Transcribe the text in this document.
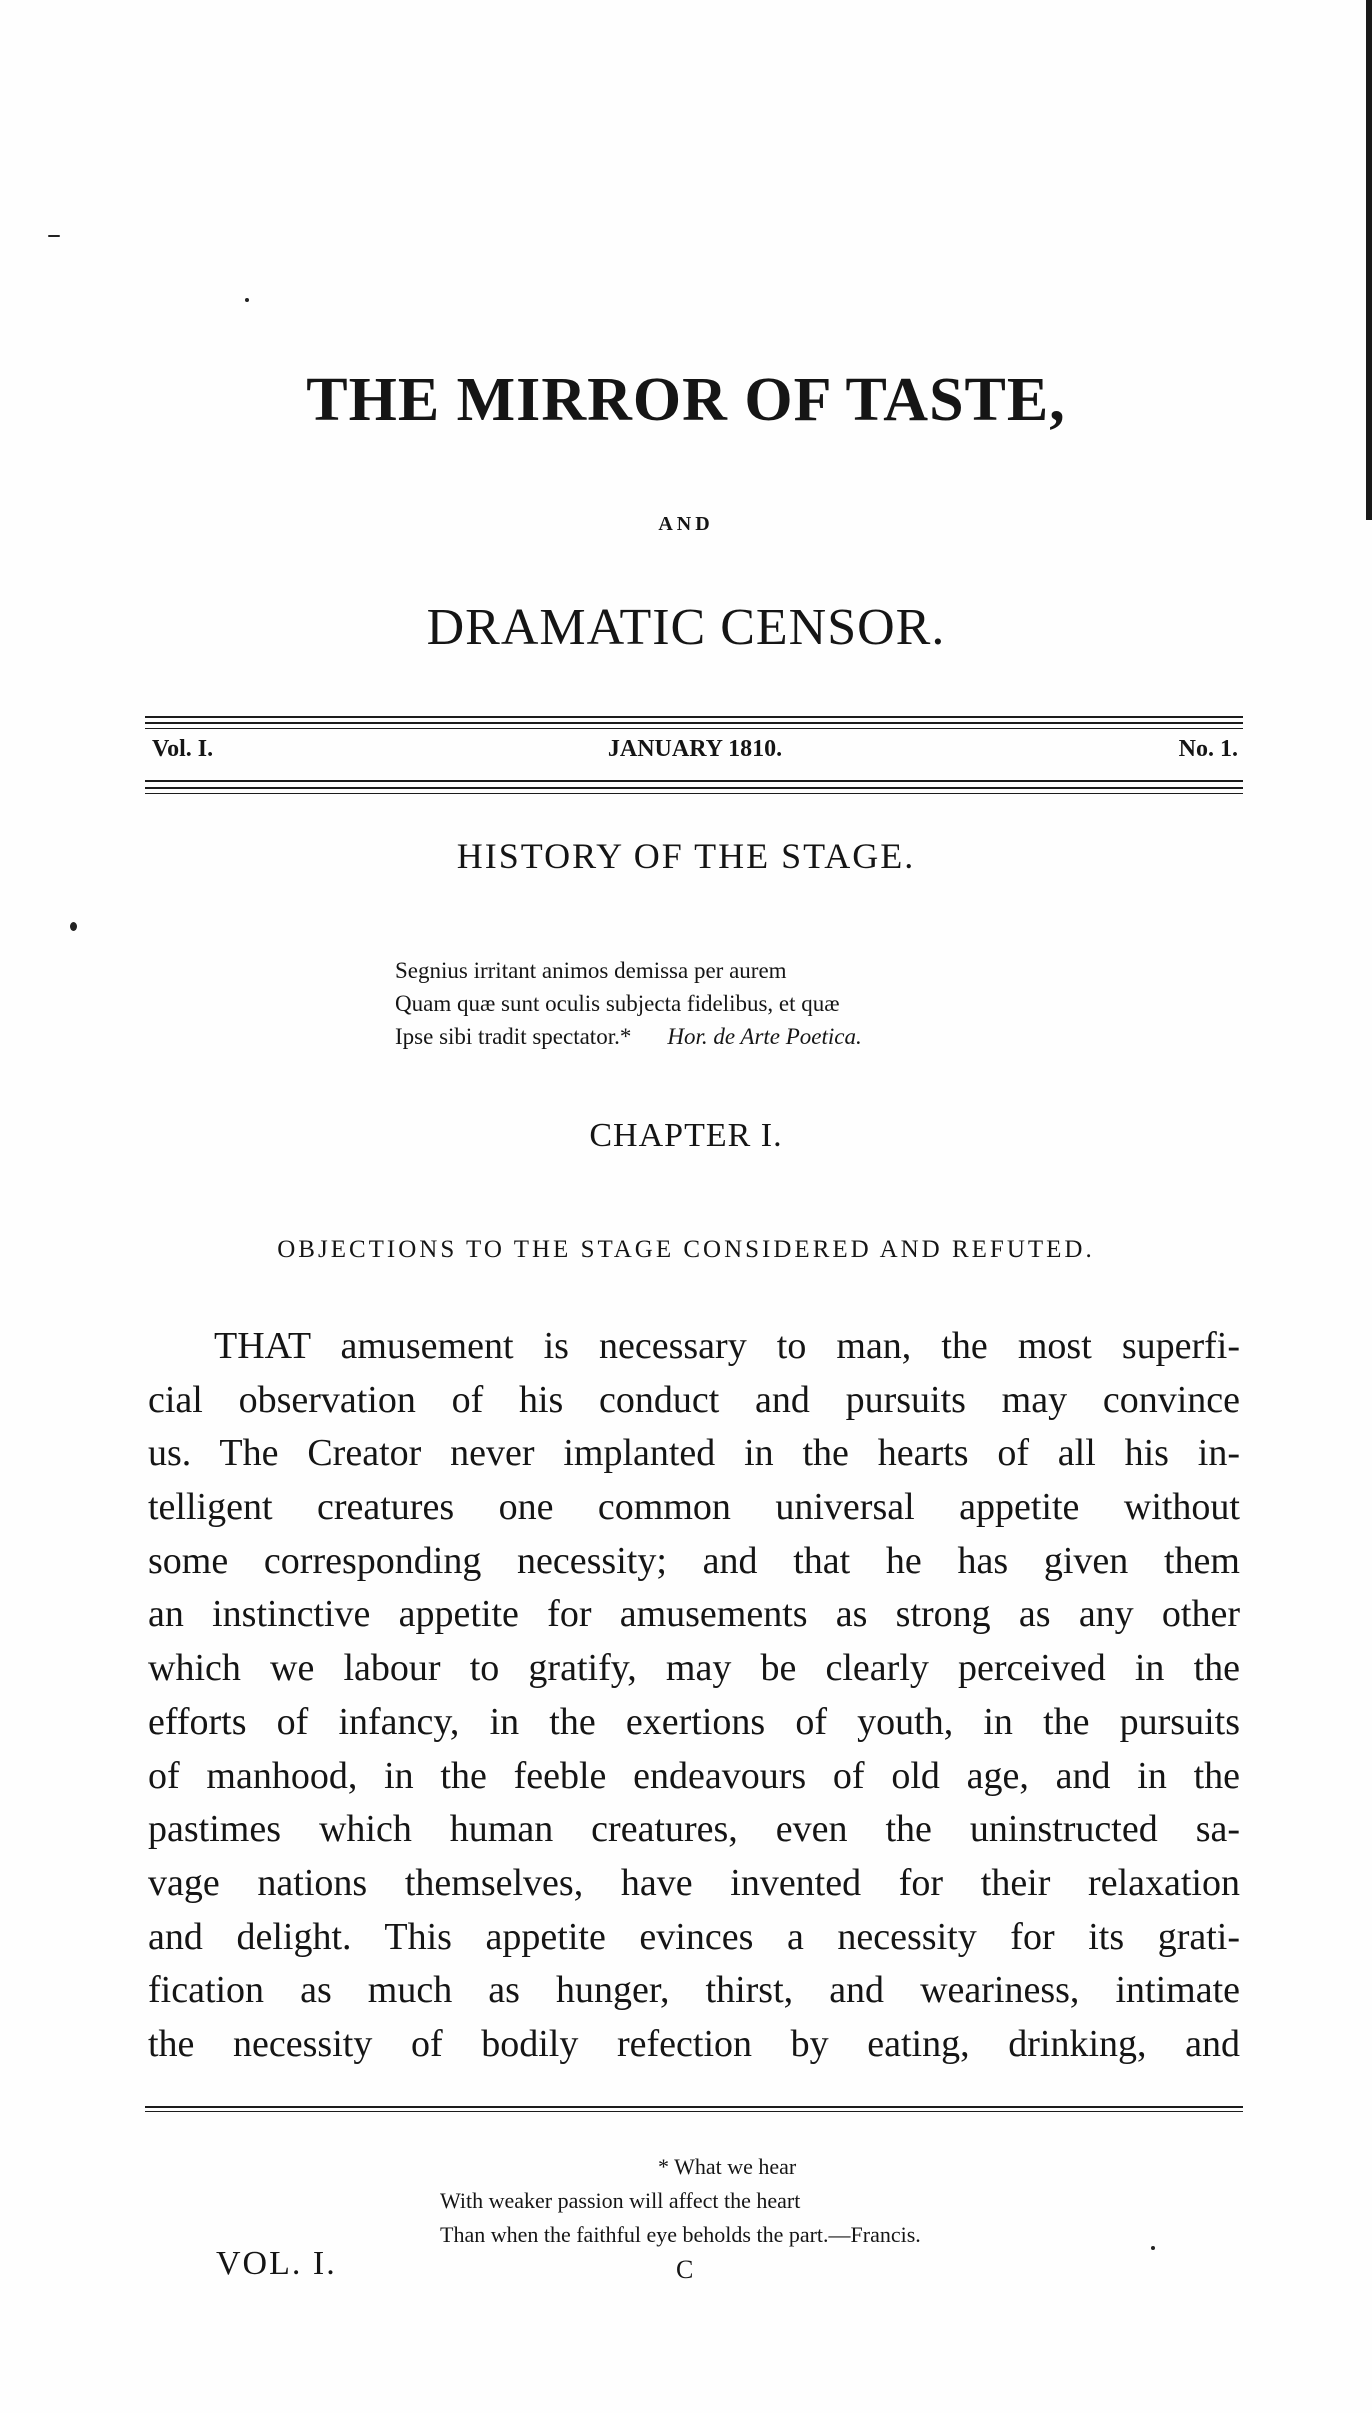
THE MIRROR OF TASTE,
AND
DRAMATIC CENSOR.
Vol. I.	JANUARY 1810.	No. 1.
HISTORY OF THE STAGE.
Segnius irritant animos demissa per aurem
Quam quæ sunt oculis subjecta fidelibus, et quæ
Ipse sibi tradit spectator.* Hor. de Arte Poetica.
CHAPTER I.
OBJECTIONS TO THE STAGE CONSIDERED AND REFUTED.
THAT amusement is necessary to man, the most superfi-
cial observation of his conduct and pursuits may convince
us. The Creator never implanted in the hearts of all his in-
telligent creatures one common universal appetite without
some corresponding necessity; and that he has given them
an instinctive appetite for amusements as strong as any other
which we labour to gratify, may be clearly perceived in the
efforts of infancy, in the exertions of youth, in the pursuits
of manhood, in the feeble endeavours of old age, and in the
pastimes which human creatures, even the uninstructed sa-
vage nations themselves, have invented for their relaxation
and delight. This appetite evinces a necessity for its grati-
fication as much as hunger, thirst, and weariness, intimate
the necessity of bodily refection by eating, drinking, and
* What we hear
With weaker passion will affect the heart
Than when the faithful eye beholds the part.—Francis.
VOL. I.	C
